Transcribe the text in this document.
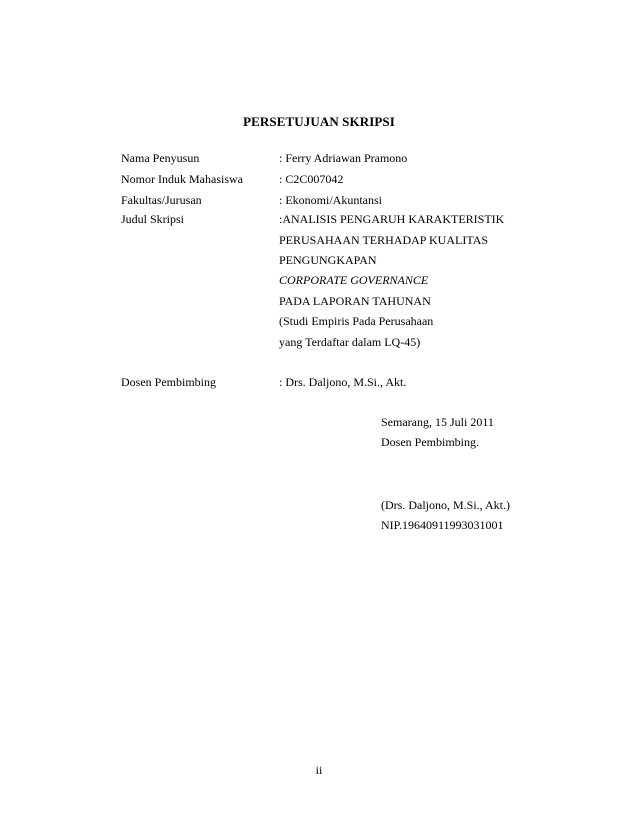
PERSETUJUAN SKRIPSI
Nama Penyusun	: Ferry Adriawan Pramono
Nomor Induk Mahasiswa	: C2C007042
Fakultas/Jurusan	: Ekonomi/Akuntansi
Judul Skripsi	:ANALISIS PENGARUH KARAKTERISTIK
PERUSAHAAN TERHADAP KUALITAS
PENGUNGKAPAN
CORPORATE GOVERNANCE
PADA LAPORAN TAHUNAN
(Studi Empiris Pada Perusahaan
yang Terdaftar dalam LQ-45)
Dosen Pembimbing	: Drs. Daljono, M.Si., Akt.
Semarang, 15 Juli 2011
Dosen Pembimbing.
(Drs. Daljono, M.Si., Akt.)
NIP.19640911993031001
ii
